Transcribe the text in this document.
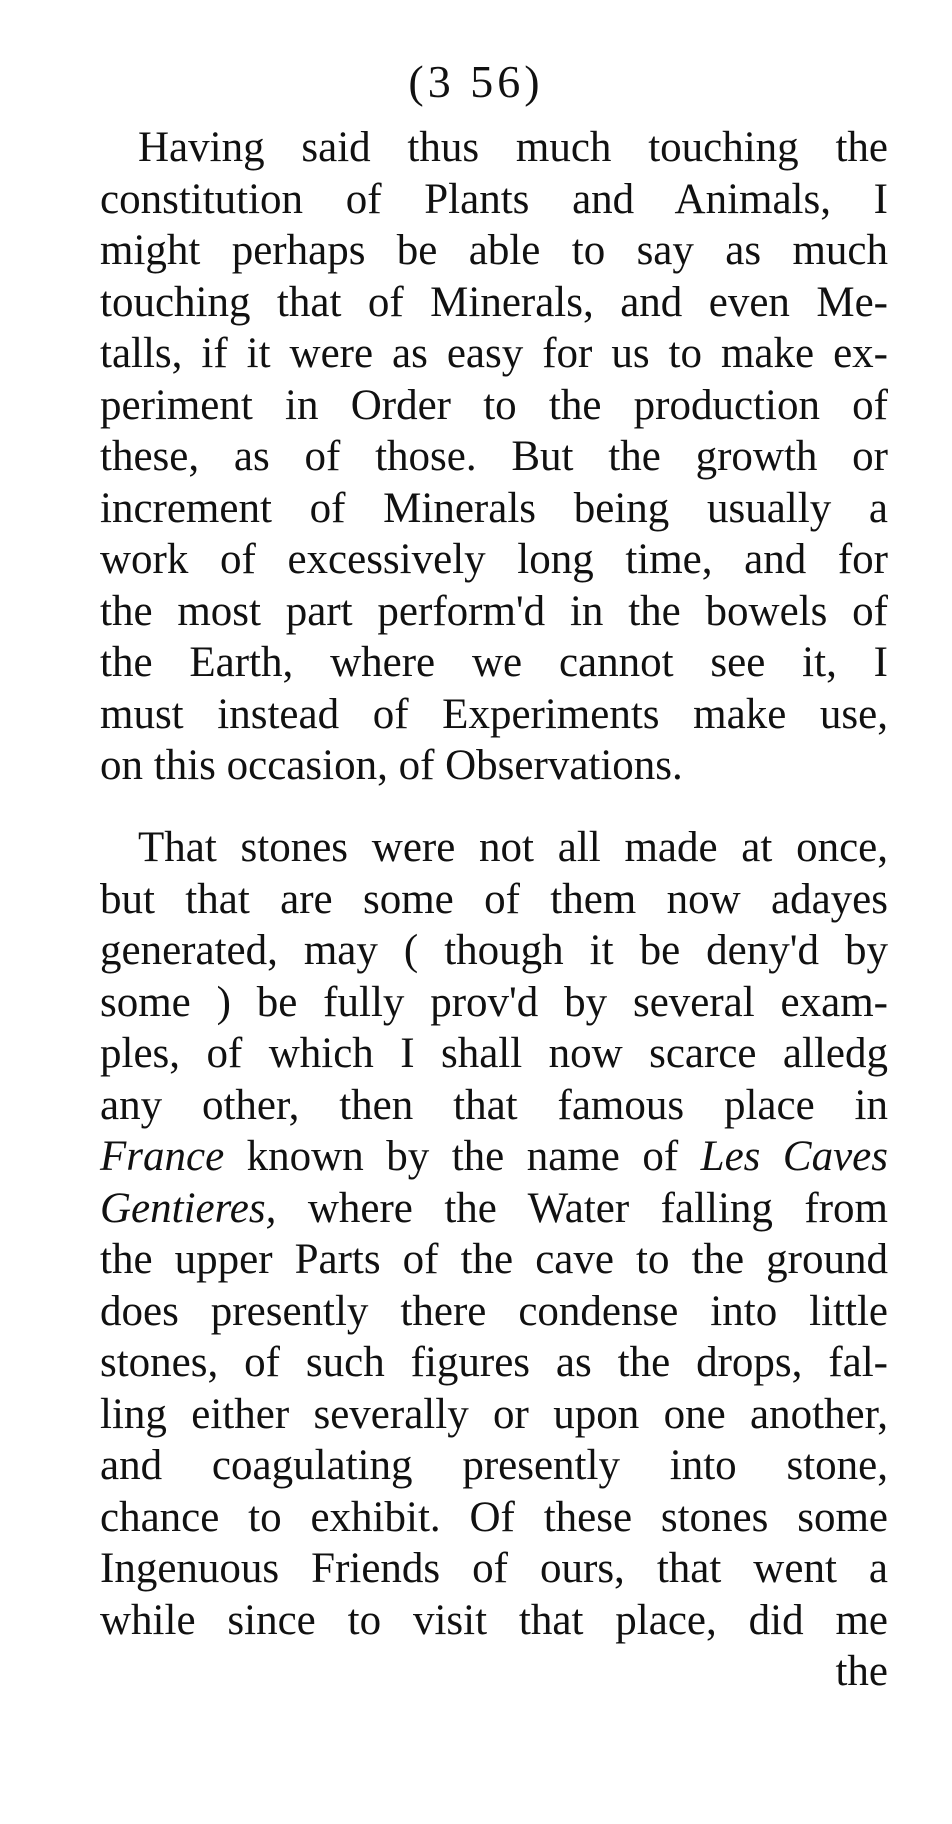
(3 56)
Having said thus much touching the
constitution of Plants and Animals, I
might perhaps be able to say as much
touching that of Minerals, and even Me-
talls, if it were as easy for us to make ex-
periment in Order to the production of
these, as of those. But the growth or
increment of Minerals being usually a
work of excessively long time, and for
the most part perform'd in the bowels of
the Earth, where we cannot see it, I
must instead of Experiments make use,
on this occasion, of Observations.
That stones were not all made at once,
but that are some of them now adayes
generated, may ( though it be deny'd by
some ) be fully prov'd by several exam-
ples, of which I shall now scarce alledg
any other, then that famous place in
France known by the name of Les Caves
Gentieres, where the Water falling from
the upper Parts of the cave to the ground
does presently there condense into little
stones, of such figures as the drops, fal-
ling either severally or upon one another,
and coagulating presently into stone,
chance to exhibit. Of these stones some
Ingenuous Friends of ours, that went a
while since to visit that place, did me
the
